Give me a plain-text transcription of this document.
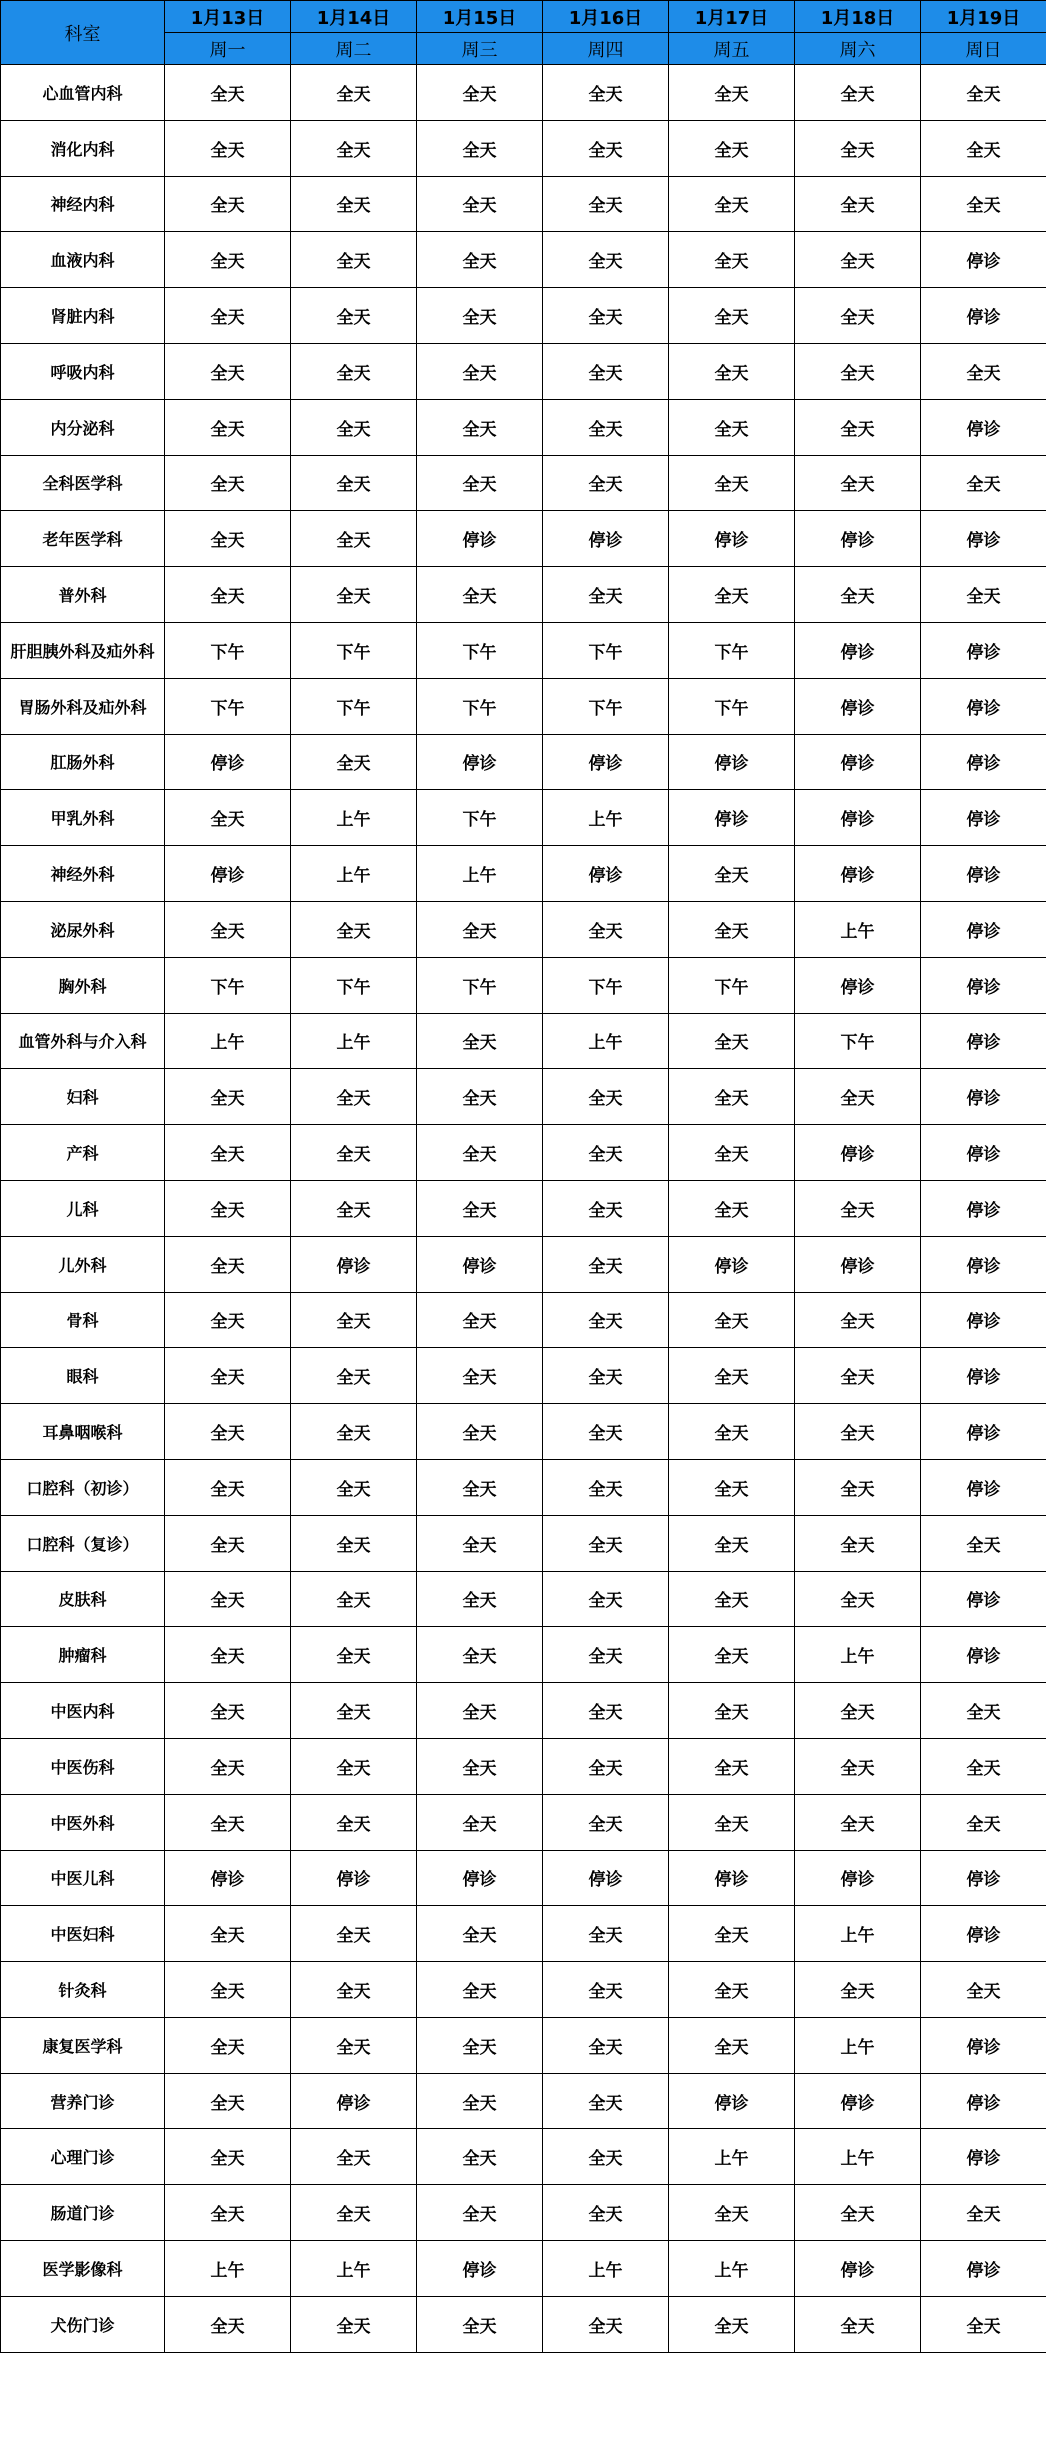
科室	1月13日	1月14日	1月15日	1月16日	1月17日	1月18日	1月19日
	周一	周二	周三	周四	周五	周六	周日
心血管内科	全天	全天	全天	全天	全天	全天	全天
消化内科	全天	全天	全天	全天	全天	全天	全天
神经内科	全天	全天	全天	全天	全天	全天	全天
血液内科	全天	全天	全天	全天	全天	全天	停诊
肾脏内科	全天	全天	全天	全天	全天	全天	停诊
呼吸内科	全天	全天	全天	全天	全天	全天	全天
内分泌科	全天	全天	全天	全天	全天	全天	停诊
全科医学科	全天	全天	全天	全天	全天	全天	全天
老年医学科	全天	全天	停诊	停诊	停诊	停诊	停诊
普外科	全天	全天	全天	全天	全天	全天	全天
肝胆胰外科及疝外科	下午	下午	下午	下午	下午	停诊	停诊
胃肠外科及疝外科	下午	下午	下午	下午	下午	停诊	停诊
肛肠外科	停诊	全天	停诊	停诊	停诊	停诊	停诊
甲乳外科	全天	上午	下午	上午	停诊	停诊	停诊
神经外科	停诊	上午	上午	停诊	全天	停诊	停诊
泌尿外科	全天	全天	全天	全天	全天	上午	停诊
胸外科	下午	下午	下午	下午	下午	停诊	停诊
血管外科与介入科	上午	上午	全天	上午	全天	下午	停诊
妇科	全天	全天	全天	全天	全天	全天	停诊
产科	全天	全天	全天	全天	全天	停诊	停诊
儿科	全天	全天	全天	全天	全天	全天	停诊
儿外科	全天	停诊	停诊	全天	停诊	停诊	停诊
骨科	全天	全天	全天	全天	全天	全天	停诊
眼科	全天	全天	全天	全天	全天	全天	停诊
耳鼻咽喉科	全天	全天	全天	全天	全天	全天	停诊
口腔科（初诊）	全天	全天	全天	全天	全天	全天	停诊
口腔科（复诊）	全天	全天	全天	全天	全天	全天	全天
皮肤科	全天	全天	全天	全天	全天	全天	停诊
肿瘤科	全天	全天	全天	全天	全天	上午	停诊
中医内科	全天	全天	全天	全天	全天	全天	全天
中医伤科	全天	全天	全天	全天	全天	全天	全天
中医外科	全天	全天	全天	全天	全天	全天	全天
中医儿科	停诊	停诊	停诊	停诊	停诊	停诊	停诊
中医妇科	全天	全天	全天	全天	全天	上午	停诊
针灸科	全天	全天	全天	全天	全天	全天	全天
康复医学科	全天	全天	全天	全天	全天	上午	停诊
营养门诊	全天	停诊	全天	全天	停诊	停诊	停诊
心理门诊	全天	全天	全天	全天	上午	上午	停诊
肠道门诊	全天	全天	全天	全天	全天	全天	全天
医学影像科	上午	上午	停诊	上午	上午	停诊	停诊
犬伤门诊	全天	全天	全天	全天	全天	全天	全天
